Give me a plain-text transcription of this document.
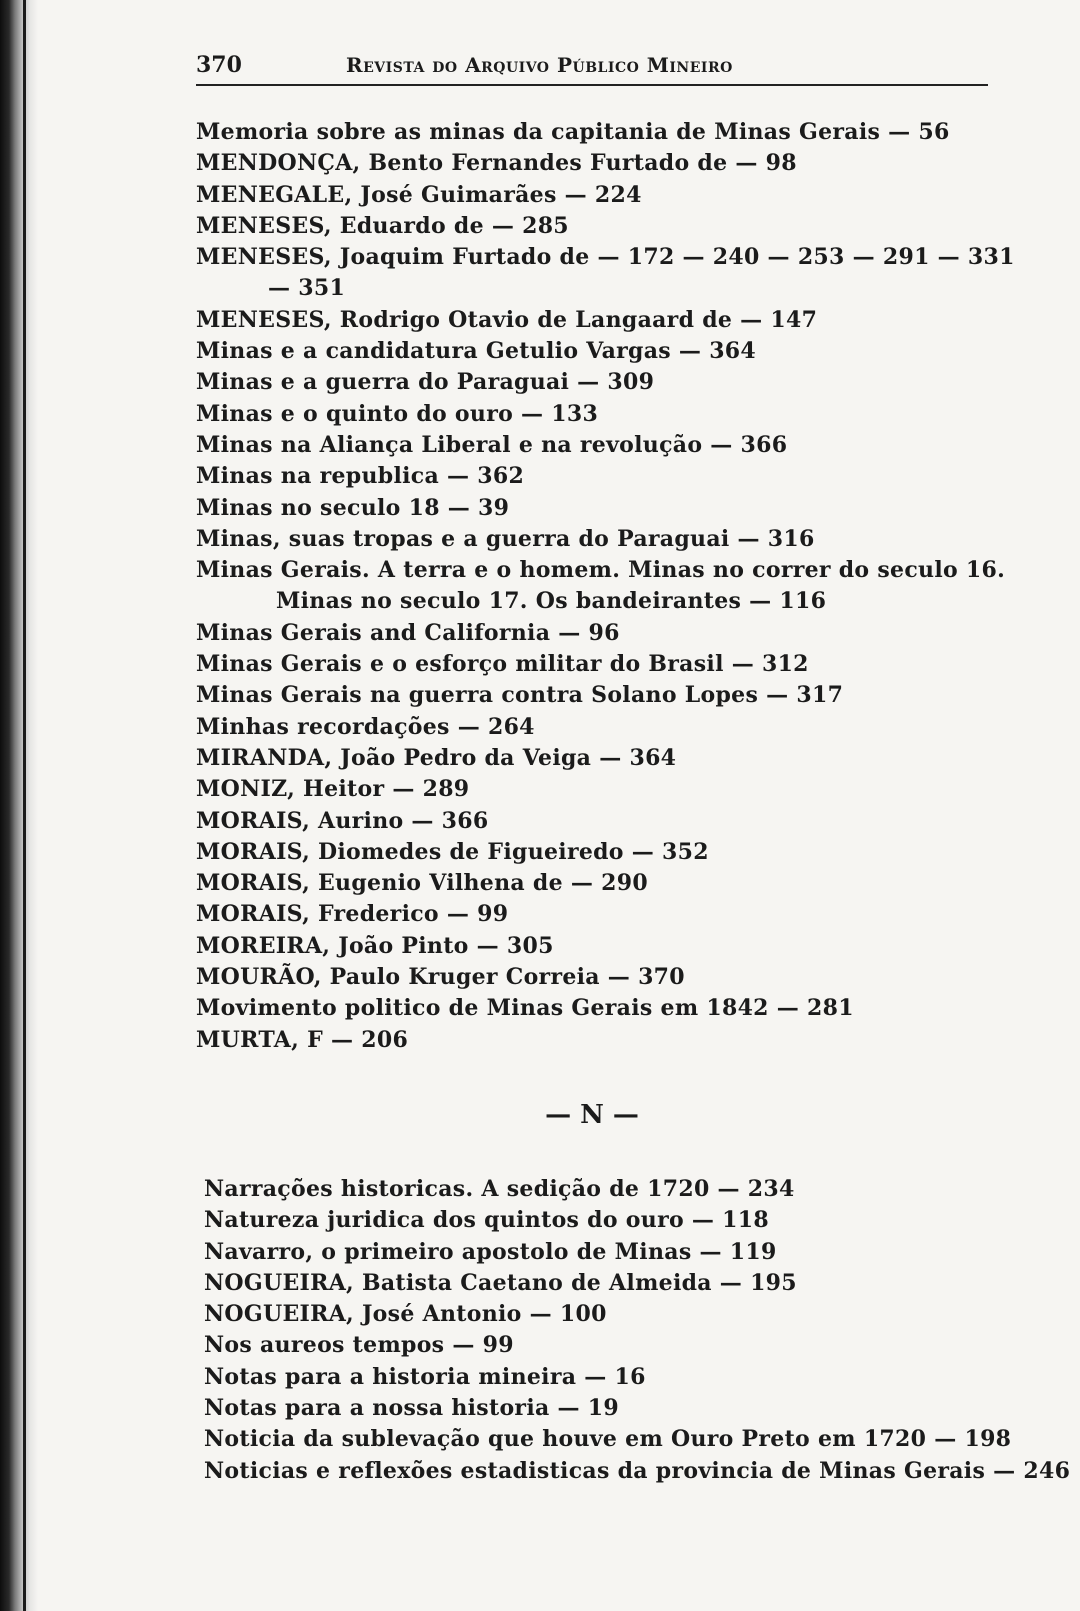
370	Revista do Arquivo Público Mineiro
Memoria sobre as minas da capitania de Minas Gerais — 56
MENDONÇA, Bento Fernandes Furtado de — 98
MENEGALE, José Guimarães — 224
MENESES, Eduardo de — 285
MENESES, Joaquim Furtado de — 172 — 240 — 253 — 291 — 331
— 351
MENESES, Rodrigo Otavio de Langaard de — 147
Minas e a candidatura Getulio Vargas — 364
Minas e a guerra do Paraguai — 309
Minas e o quinto do ouro — 133
Minas na Aliança Liberal e na revolução — 366
Minas na republica — 362
Minas no seculo 18 — 39
Minas, suas tropas e a guerra do Paraguai — 316
Minas Gerais. A terra e o homem. Minas no correr do seculo 16.
Minas no seculo 17. Os bandeirantes — 116
Minas Gerais and California — 96
Minas Gerais e o esforço militar do Brasil — 312
Minas Gerais na guerra contra Solano Lopes — 317
Minhas recordações — 264
MIRANDA, João Pedro da Veiga — 364
MONIZ, Heitor — 289
MORAIS, Aurino — 366
MORAIS, Diomedes de Figueiredo — 352
MORAIS, Eugenio Vilhena de — 290
MORAIS, Frederico — 99
MOREIRA, João Pinto — 305
MOURÃO, Paulo Kruger Correia — 370
Movimento politico de Minas Gerais em 1842 — 281
MURTA, F — 206
— N —
Narrações historicas. A sedição de 1720 — 234
Natureza juridica dos quintos do ouro — 118
Navarro, o primeiro apostolo de Minas — 119
NOGUEIRA, Batista Caetano de Almeida — 195
NOGUEIRA, José Antonio — 100
Nos aureos tempos — 99
Notas para a historia mineira — 16
Notas para a nossa historia — 19
Noticia da sublevação que houve em Ouro Preto em 1720 — 198
Noticias e reflexões estadisticas da provincia de Minas Gerais — 246
